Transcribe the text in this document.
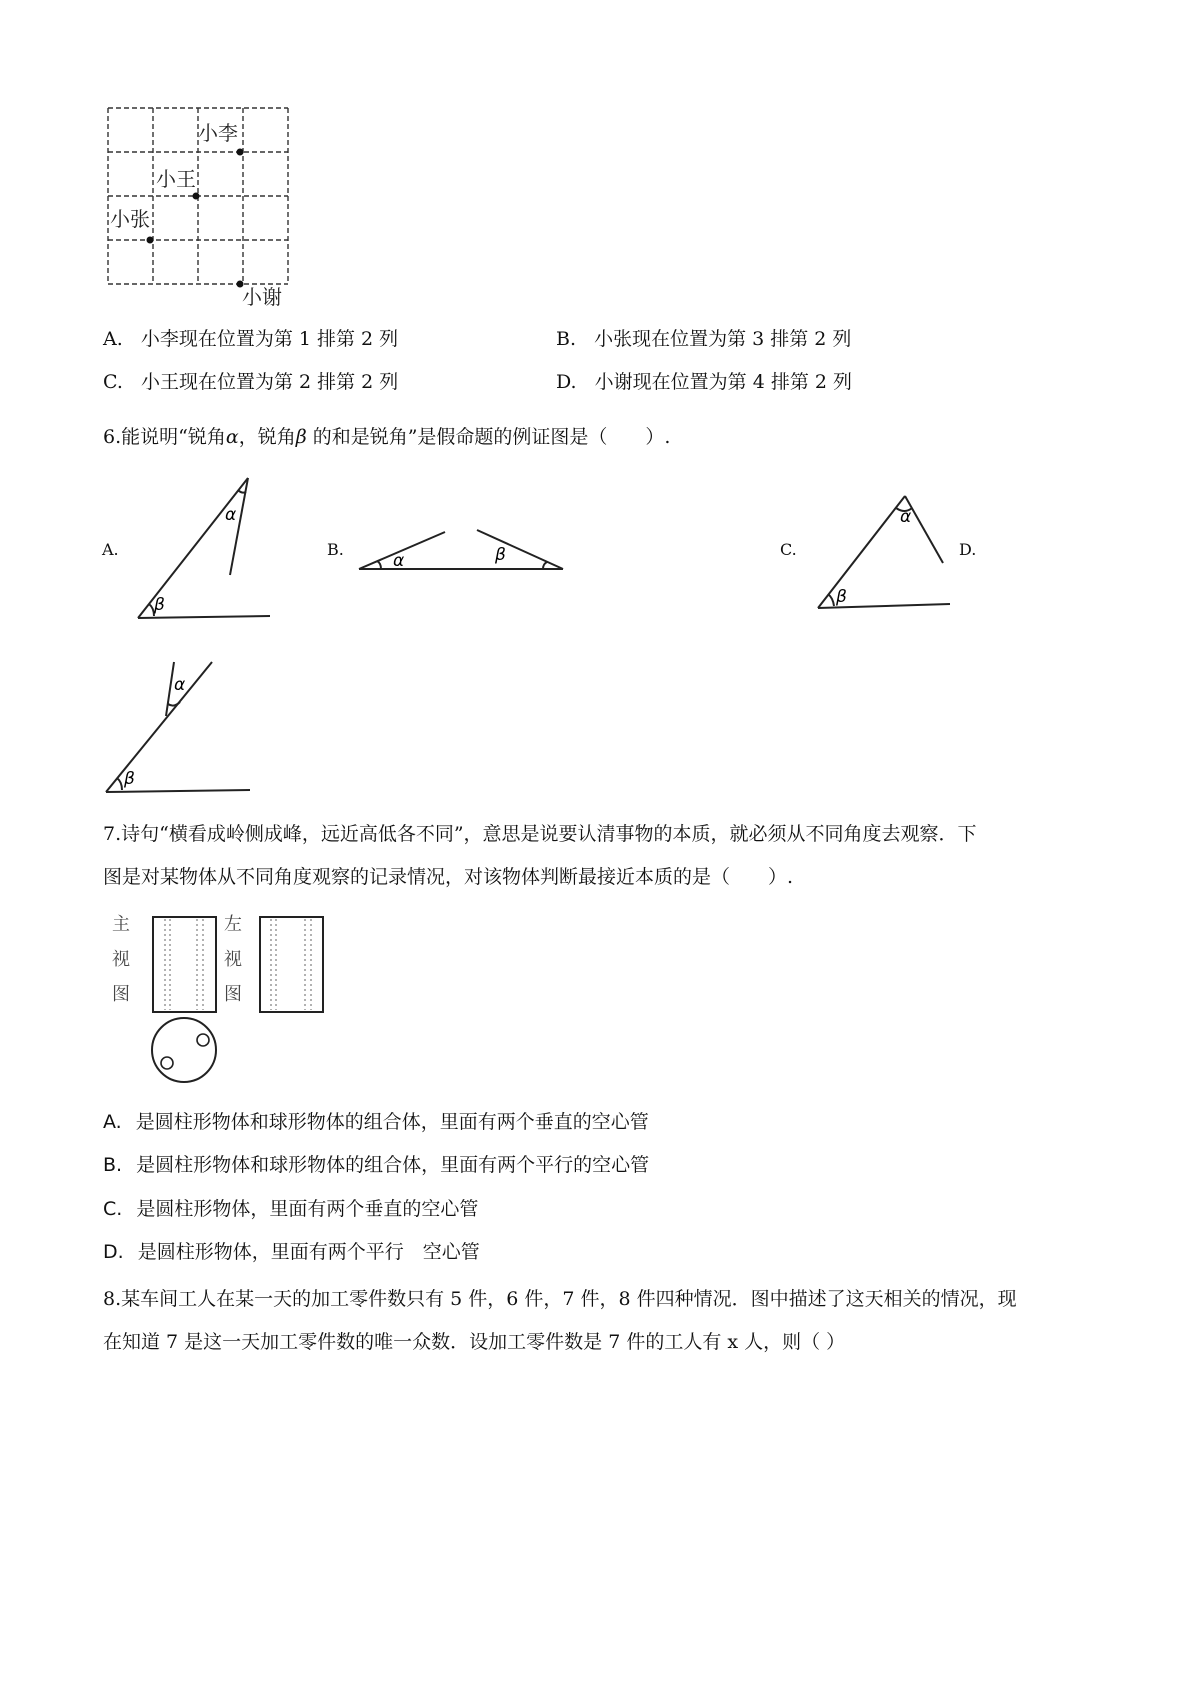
小李
小王
小张
小谢
A. 小李现在位置为第 1 排第 2 列	B. 小张现在位置为第 3 排第 2 列
C. 小王现在位置为第 2 排第 2 列	D. 小谢现在位置为第 4 排第 2 列
6.能说明“锐角α，锐角β 的和是锐角”是假命题的例证图是（　　）.
A.	B.	C.	D.
α
β
α	β
α
β
α
β
7.诗句“横看成岭侧成峰，远近高低各不同”，意思是说要认清事物的本质，就必须从不同角度去观察．下
图是对某物体从不同角度观察的记录情况，对该物体判断最接近本质的是（　　）.
主
视
图
左
视
图
A. 是圆柱形物体和球形物体的组合体，里面有两个垂直的空心管
B. 是圆柱形物体和球形物体的组合体，里面有两个平行的空心管
C. 是圆柱形物体，里面有两个垂直的空心管
D. 是圆柱形物体，里面有两个平行　空心管
8.某车间工人在某一天的加工零件数只有 5 件，6 件，7 件，8 件四种情况．图中描述了这天相关的情况，现
在知道 7 是这一天加工零件数的唯一众数．设加工零件数是 7 件的工人有 x 人，则（ ）
